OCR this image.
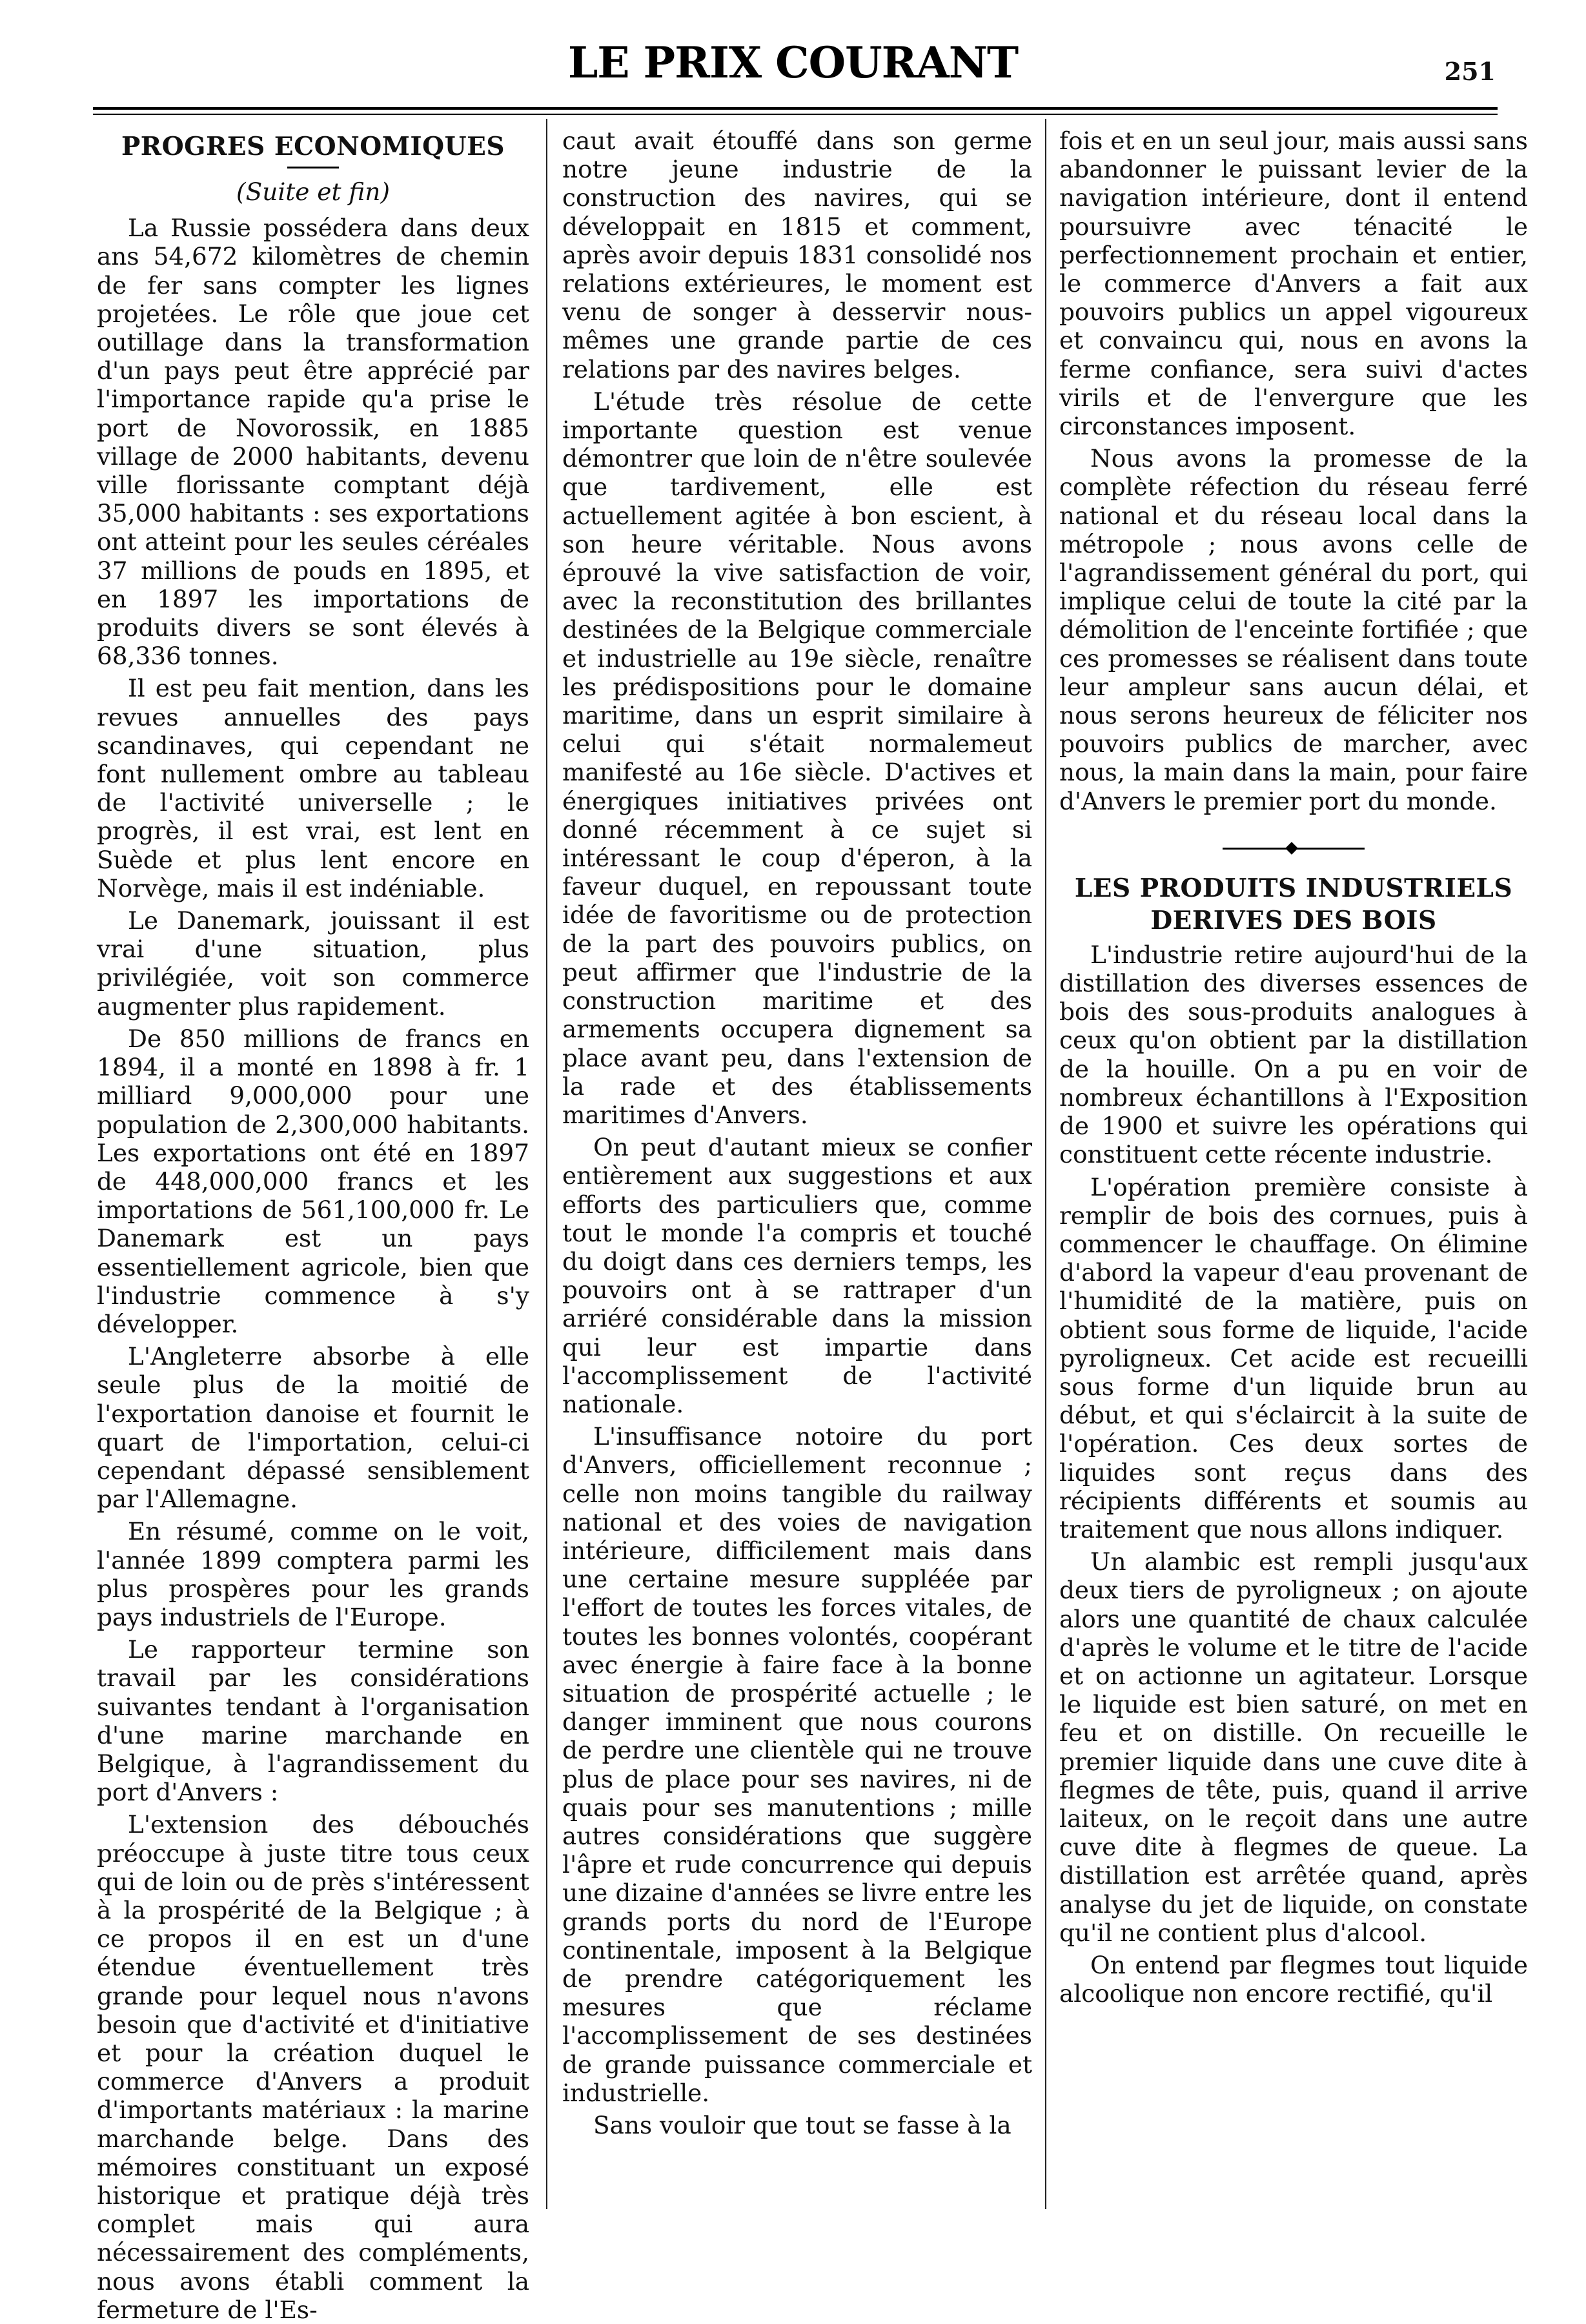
LE PRIX COURANT	251
PROGRES ECONOMIQUES

(Suite et fin)

La Russie possédera dans deux ans 54,672 kilomètres de chemin de fer sans compter les lignes projetées. Le rôle que joue cet outillage dans la transformation d'un pays peut être apprécié par l'importance rapide qu'a prise le port de Novorossik, en 1885 village de 2000 habitants, devenu ville florissante comptant déjà 35,000 habitants : ses exportations ont atteint pour les seules céréales 37 millions de pouds en 1895, et en 1897 les importations de produits divers se sont élevés à 68,336 tonnes.

Il est peu fait mention, dans les revues annuelles des pays scandinaves, qui cependant ne font nullement ombre au tableau de l'activité universelle ; le progrès, il est vrai, est lent en Suède et plus lent encore en Norvège, mais il est indéniable.

Le Danemark, jouissant il est vrai d'une situation, plus privilégiée, voit son commerce augmenter plus rapidement.

De 850 millions de francs en 1894, il a monté en 1898 à fr. 1 milliard 9,000,000 pour une population de 2,300,000 habitants. Les exportations ont été en 1897 de 448,000,000 francs et les importations de 561,100,000 fr. Le Danemark est un pays essentiellement agricole, bien que l'industrie commence à s'y développer.

L'Angleterre absorbe à elle seule plus de la moitié de l'exportation danoise et fournit le quart de l'importation, celui-ci cependant dépassé sensiblement par l'Allemagne.

En résumé, comme on le voit, l'année 1899 comptera parmi les plus prospères pour les grands pays industriels de l'Europe.

Le rapporteur termine son travail par les considérations suivantes tendant à l'organisation d'une marine marchande en Belgique, à l'agrandissement du port d'Anvers :

L'extension des débouchés préoccupe à juste titre tous ceux qui de loin ou de près s'intéressent à la prospérité de la Belgique ; à ce propos il en est un d'une étendue éventuellement très grande pour lequel nous n'avons besoin que d'activité et d'initiative et pour la création duquel le commerce d'Anvers a produit d'importants matériaux : la marine marchande belge. Dans des mémoires constituant un exposé historique et pratique déjà très complet mais qui aura nécessairement des compléments, nous avons établi comment la fermeture de l'Es-

caut avait étouffé dans son germe notre jeune industrie de la construction des navires, qui se développait en 1815 et comment, après avoir depuis 1831 consolidé nos relations extérieures, le moment est venu de songer à desservir nous-mêmes une grande partie de ces relations par des navires belges.

L'étude très résolue de cette importante question est venue démontrer que loin de n'être soulevée que tardivement, elle est actuellement agitée à bon escient, à son heure véritable. Nous avons éprouvé la vive satisfaction de voir, avec la reconstitution des brillantes destinées de la Belgique commerciale et industrielle au 19e siècle, renaître les prédispositions pour le domaine maritime, dans un esprit similaire à celui qui s'était normalemeut manifesté au 16e siècle. D'actives et énergiques initiatives privées ont donné récemment à ce sujet si intéressant le coup d'éperon, à la faveur duquel, en repoussant toute idée de favoritisme ou de protection de la part des pouvoirs publics, on peut affirmer que l'industrie de la construction maritime et des armements occupera dignement sa place avant peu, dans l'extension de la rade et des établissements maritimes d'Anvers.

On peut d'autant mieux se confier entièrement aux suggestions et aux efforts des particuliers que, comme tout le monde l'a compris et touché du doigt dans ces derniers temps, les pouvoirs ont à se rattraper d'un arriéré considérable dans la mission qui leur est impartie dans l'accomplissement de l'activité nationale.

L'insuffisance notoire du port d'Anvers, officiellement reconnue ; celle non moins tangible du railway national et des voies de navigation intérieure, difficilement mais dans une certaine mesure suppléée par l'effort de toutes les forces vitales, de toutes les bonnes volontés, coopérant avec énergie à faire face à la bonne situation de prospérité actuelle ; le danger imminent que nous courons de perdre une clientèle qui ne trouve plus de place pour ses navires, ni de quais pour ses manutentions ; mille autres considérations que suggère l'âpre et rude concurrence qui depuis une dizaine d'années se livre entre les grands ports du nord de l'Europe continentale, imposent à la Belgique de prendre catégoriquement les mesures que réclame l'accomplissement de ses destinées de grande puissance commerciale et industrielle.

Sans vouloir que tout se fasse à la

fois et en un seul jour, mais aussi sans abandonner le puissant levier de la navigation intérieure, dont il entend poursuivre avec ténacité le perfectionnement prochain et entier, le commerce d'Anvers a fait aux pouvoirs publics un appel vigoureux et convaincu qui, nous en avons la ferme confiance, sera suivi d'actes virils et de l'envergure que les circonstances imposent.

Nous avons la promesse de la complète réfection du réseau ferré national et du réseau local dans la métropole ; nous avons celle de l'agrandissement général du port, qui implique celui de toute la cité par la démolition de l'enceinte fortifiée ; que ces promesses se réalisent dans toute leur ampleur sans aucun délai, et nous serons heureux de féliciter nos pouvoirs publics de marcher, avec nous, la main dans la main, pour faire d'Anvers le premier port du monde.

LES PRODUITS INDUSTRIELS DERIVES DES BOIS

L'industrie retire aujourd'hui de la distillation des diverses essences de bois des sous-produits analogues à ceux qu'on obtient par la distillation de la houille. On a pu en voir de nombreux échantillons à l'Exposition de 1900 et suivre les opérations qui constituent cette récente industrie.

L'opération première consiste à remplir de bois des cornues, puis à commencer le chauffage. On élimine d'abord la vapeur d'eau provenant de l'humidité de la matière, puis on obtient sous forme de liquide, l'acide pyroligneux. Cet acide est recueilli sous forme d'un liquide brun au début, et qui s'éclaircit à la suite de l'opération. Ces deux sortes de liquides sont reçus dans des récipients différents et soumis au traitement que nous allons indiquer.

Un alambic est rempli jusqu'aux deux tiers de pyroligneux ; on ajoute alors une quantité de chaux calculée d'après le volume et le titre de l'acide et on actionne un agitateur. Lorsque le liquide est bien saturé, on met en feu et on distille. On recueille le premier liquide dans une cuve dite à flegmes de tête, puis, quand il arrive laiteux, on le reçoit dans une autre cuve dite à flegmes de queue. La distillation est arrêtée quand, après analyse du jet de liquide, on constate qu'il ne contient plus d'alcool.

On entend par flegmes tout liquide alcoolique non encore rectifié, qu'il
